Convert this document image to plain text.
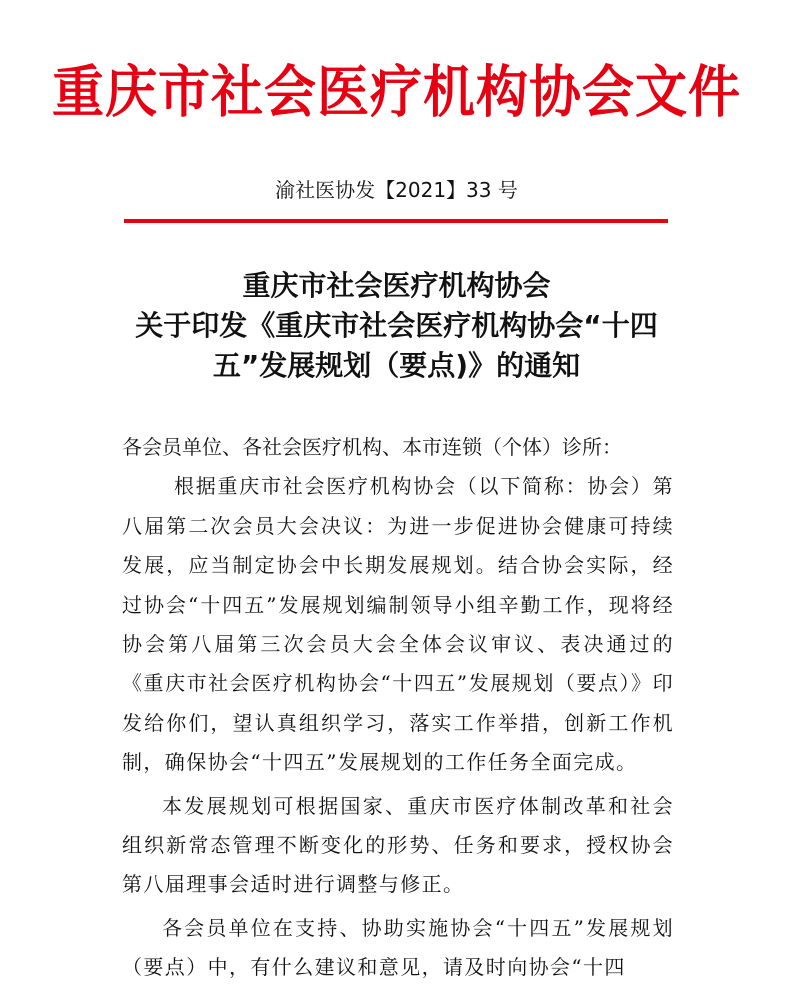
重庆市社会医疗机构协会文件
渝社医协发【2021】33 号
重庆市社会医疗机构协会
关于印发《重庆市社会医疗机构协会“十四
五”发展规划（要点)》的通知
各会员单位、各社会医疗机构、本市连锁（个体）诊所：

根据重庆市社会医疗机构协会（以下简称：协会）第八届第二次会员大会决议：为进一步促进协会健康可持续发展，应当制定协会中长期发展规划。结合协会实际，经过协会“十四五”发展规划编制领导小组辛勤工作，现将经协会第八届第三次会员大会全体会议审议、表决通过的《重庆市社会医疗机构协会“十四五”发展规划（要点）》印发给你们，望认真组织学习，落实工作举措，创新工作机制，确保协会“十四五”发展规划的工作任务全面完成。

本发展规划可根据国家、重庆市医疗体制改革和社会组织新常态管理不断变化的形势、任务和要求，授权协会第八届理事会适时进行调整与修正。

各会员单位在支持、协助实施协会“十四五”发展规划（要点）中，有什么建议和意见，请及时向协会“十四
